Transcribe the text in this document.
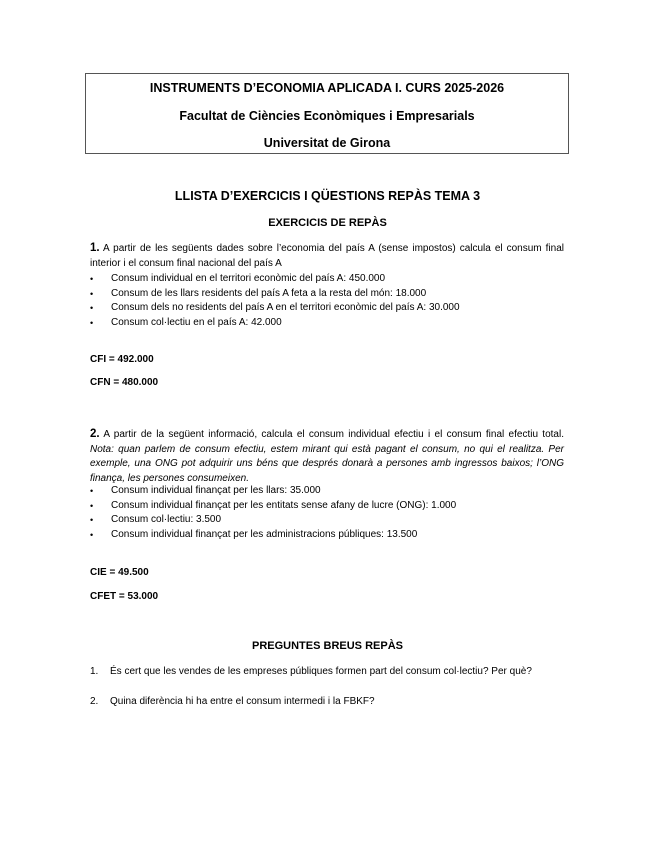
INSTRUMENTS D’ECONOMIA APLICADA I. CURS 2025-2026
Facultat de Ciències Econòmiques i Empresarials
Universitat de Girona
LLISTA D’EXERCICIS I QÜESTIONS REPÀS TEMA 3
EXERCICIS DE REPÀS

1. A partir de les següents dades sobre l’economia del país A (sense impostos) calcula el consum final interior i el consum final nacional del país A

• Consum individual en el territori econòmic del país A: 450.000
• Consum de les llars residents del país A feta a la resta del món: 18.000
• Consum dels no residents del país A en el territori econòmic del país A: 30.000
• Consum col·lectiu en el país A: 42.000
CFI = 492.000
CFN = 480.000

2. A partir de la següent informació, calcula el consum individual efectiu i el consum final efectiu total. Nota: quan parlem de consum efectiu, estem mirant qui està pagant el consum, no qui el realitza. Per exemple, una ONG pot adquirir uns béns que després donarà a persones amb ingressos baixos; l’ONG finança, les persones consumeixen.

• Consum individual finançat per les llars: 35.000
• Consum individual finançat per les entitats sense afany de lucre (ONG): 1.000
• Consum col·lectiu: 3.500
• Consum individual finançat per les administracions públiques: 13.500
CIE = 49.500
CFET = 53.000
PREGUNTES BREUS REPÀS
1. És cert que les vendes de les empreses públiques formen part del consum col·lectiu? Per què?
2. Quina diferència hi ha entre el consum intermedi i la FBKF?
